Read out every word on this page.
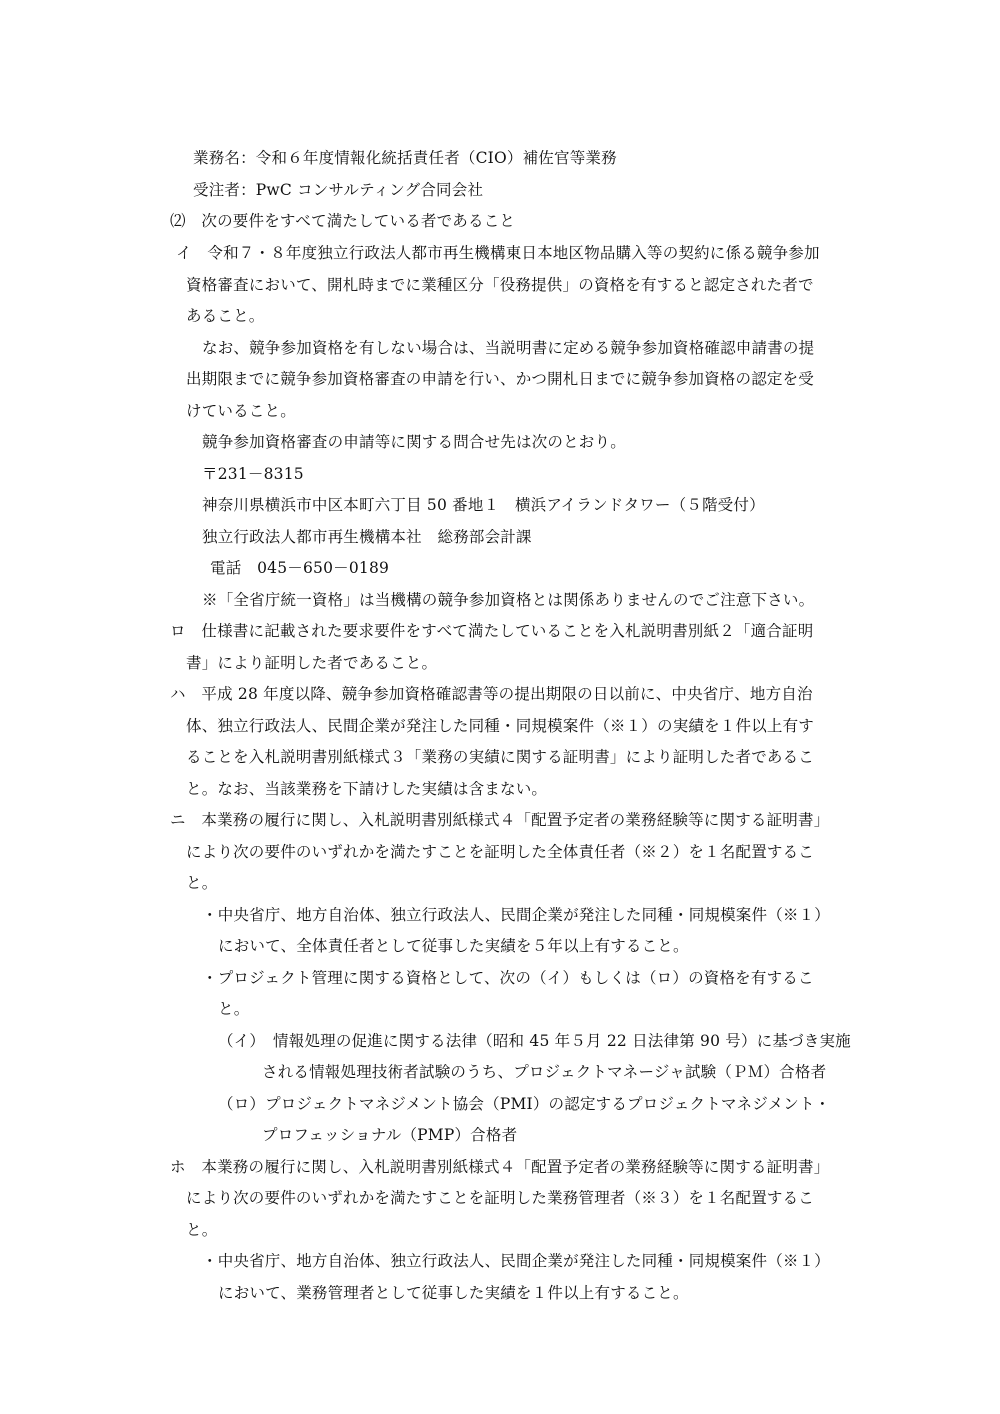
業務名：令和６年度情報化統括責任者（CIO）補佐官等業務
受注者：PwC コンサルティング合同会社
⑵　次の要件をすべて満たしている者であること
イ　令和７・８年度独立行政法人都市再生機構東日本地区物品購入等の契約に係る競争参加
資格審査において、開札時までに業種区分「役務提供」の資格を有すると認定された者で
あること。
なお、競争参加資格を有しない場合は、当説明書に定める競争参加資格確認申請書の提
出期限までに競争参加資格審査の申請を行い、かつ開札日までに競争参加資格の認定を受
けていること。
競争参加資格審査の申請等に関する問合せ先は次のとおり。
〒231－8315
神奈川県横浜市中区本町六丁目 50 番地１　横浜アイランドタワー（５階受付）
独立行政法人都市再生機構本社　総務部会計課
電話　045－650－0189
※「全省庁統一資格」は当機構の競争参加資格とは関係ありませんのでご注意下さい。
ロ　仕様書に記載された要求要件をすべて満たしていることを入札説明書別紙２「適合証明
書」により証明した者であること。
ハ　平成 28 年度以降、競争参加資格確認書等の提出期限の日以前に、中央省庁、地方自治
体、独立行政法人、民間企業が発注した同種・同規模案件（※１）の実績を１件以上有す
ることを入札説明書別紙様式３「業務の実績に関する証明書」により証明した者であるこ
と。なお、当該業務を下請けした実績は含まない。
ニ　本業務の履行に関し、入札説明書別紙様式４「配置予定者の業務経験等に関する証明書」
により次の要件のいずれかを満たすことを証明した全体責任者（※２）を１名配置するこ
と。
・中央省庁、地方自治体、独立行政法人、民間企業が発注した同種・同規模案件（※１）
において、全体責任者として従事した実績を５年以上有すること。
・プロジェクト管理に関する資格として、次の（イ）もしくは（ロ）の資格を有するこ
と。
（イ）　情報処理の促進に関する法律（昭和 45 年５月 22 日法律第 90 号）に基づき実施
される情報処理技術者試験のうち、プロジェクトマネージャ試験（ＰＭ）合格者
（ロ）プロジェクトマネジメント協会（PMI）の認定するプロジェクトマネジメント・
プロフェッショナル（PMP）合格者
ホ　本業務の履行に関し、入札説明書別紙様式４「配置予定者の業務経験等に関する証明書」
により次の要件のいずれかを満たすことを証明した業務管理者（※３）を１名配置するこ
と。
・中央省庁、地方自治体、独立行政法人、民間企業が発注した同種・同規模案件（※１）
において、業務管理者として従事した実績を１件以上有すること。
